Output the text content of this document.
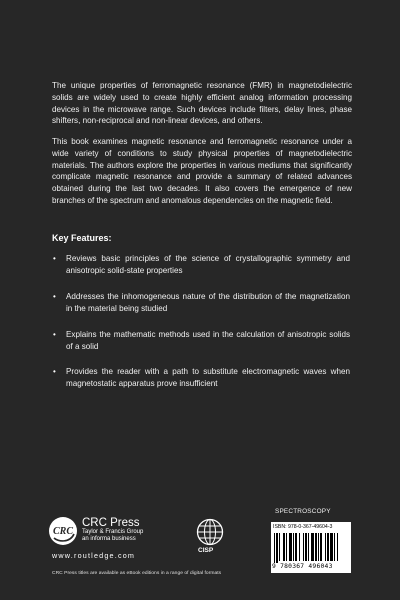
The unique properties of ferromagnetic resonance (FMR) in magnetodielectric solids are widely used to create highly efficient analog information processing devices in the microwave range. Such devices include filters, delay lines, phase shifters, non-reciprocal and non-linear devices, and others.

This book examines magnetic resonance and ferromagnetic resonance under a wide variety of conditions to study physical properties of magnetodielectric materials. The authors explore the properties in various mediums that significantly complicate magnetic resonance and provide a summary of related advances obtained during the last two decades. It also covers the emergence of new branches of the spectrum and anomalous dependencies on the magnetic field.

Key Features:
• Reviews basic principles of the science of crystallographic symmetry and anisotropic solid-state properties
• Addresses the inhomogeneous nature of the distribution of the magnetization in the material being studied
• Explains the mathematic methods used in the calculation of anisotropic solids of a solid
• Provides the reader with a path to substitute electromagnetic waves when magnetostatic apparatus prove insufficient
CRC
CRC Press
Taylor & Francis Group
an informa business
www.routledge.com
CRC Press titles are available as eBook editions in a range of digital formats
CISP
SPECTROSCOPY
ISBN: 978-0-367-49604-3
9 780367 496043
